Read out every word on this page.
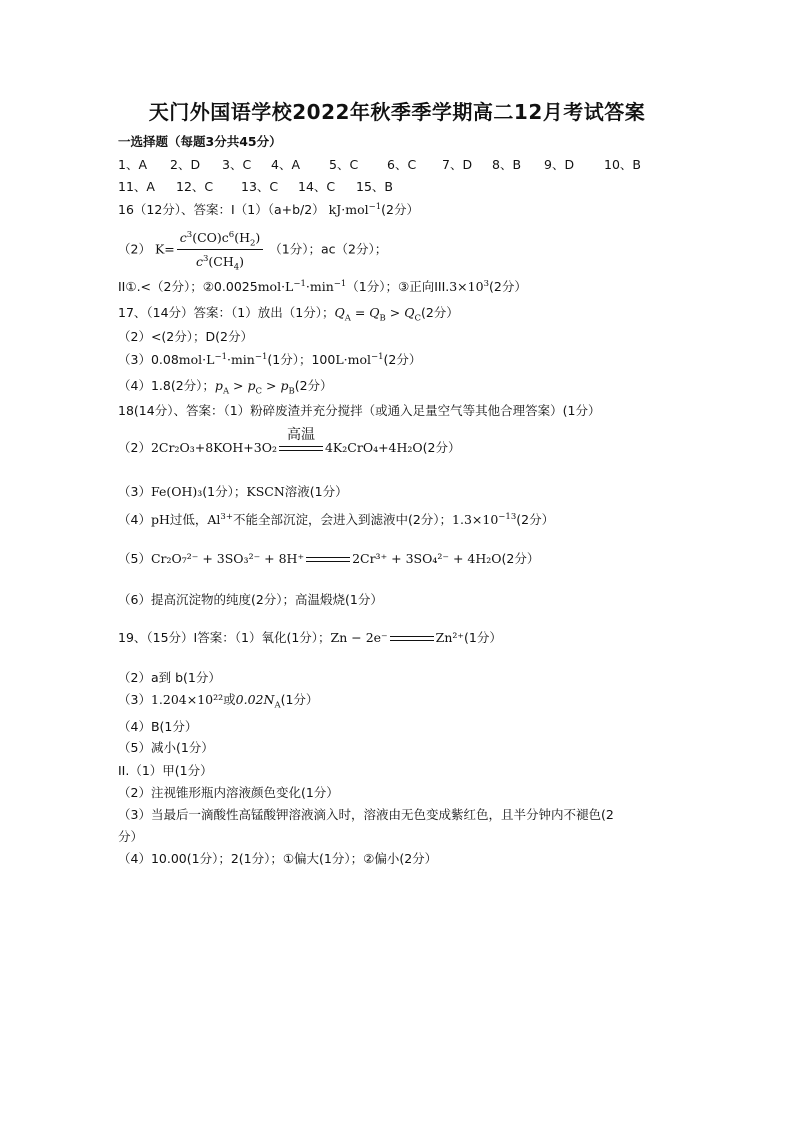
天门外国语学校2022年秋季季学期高二12月考试答案
一选择题（每题3分共45分）
1、A 2、D 3、C 4、A 5、C 6、C 7、D 8、B 9、D 10、B
11、A 12、C 13、C 14、C 15、B
16（12分）、答案：I（1）（a+b/2） kJ·mol$^{-1}$(2分）
（2） $K= \frac{c^3(CO)c^6(H_2)}{c^3(CH_4)} (1$分）；ac（2分）；
II①.<（2分）；$②0.0025mol\cdot L^{-1}\cdot\min^{-1}(1$分）；③正向$III.3\times 10^3(2$分）
17、（14分）答案：（1）放出（1分）；$Q_A = Q_B > Q_C(2$分）
（2）<(2分）；D(2分）
$(3)0.08mol\cdot L^{-1}\cdot\min^{-1}(1$分）；100L·mol$^{-1}$(2分）
（4）1.8(2分）；$p_A > p_C > p_B(2$分）
18(14分）、答案：（1）粉碎废渣并充分搅拌（或通入足量空气等其他合理答案）(1分）
（2）2Cr₂O₃+8KOH+3O₂
高温
4K₂CrO₄+4H₂O(2分）
（3）Fe(OH)₃(1分）；KSCN溶液(1分）
（4）pH过低，$Al^{3+}$不能全部沉淀，会进入到滤液中(2分）；$1.3\times 10^{-13}(2$分）
（5）Cr₂O₇²⁻ + 3SO₃²⁻ + 8H⁺	2Cr³⁺ + 3SO₄²⁻ + 4H₂O(2分）
（6）提高沉淀物的纯度(2分）；高温煅烧(1分）
19、（15分）I答案：（1）氧化(1分）；Zn − 2e⁻	Zn²⁺(1分）
（2）a到 b(1分）
（3）1.204×10²²或$0.02N_A(1$分）
（4）B(1分）
（5）减小(1分）
II.（1）甲(1分）
（2）注视锥形瓶内溶液颜色变化(1分）
（3）当最后一滴酸性高锰酸钾溶液滴入时，溶液由无色变成紫红色，且半分钟内不褪色(2
分）
（4）10.00(1分）；2(1分）；①偏大(1分）；②偏小(2分）
